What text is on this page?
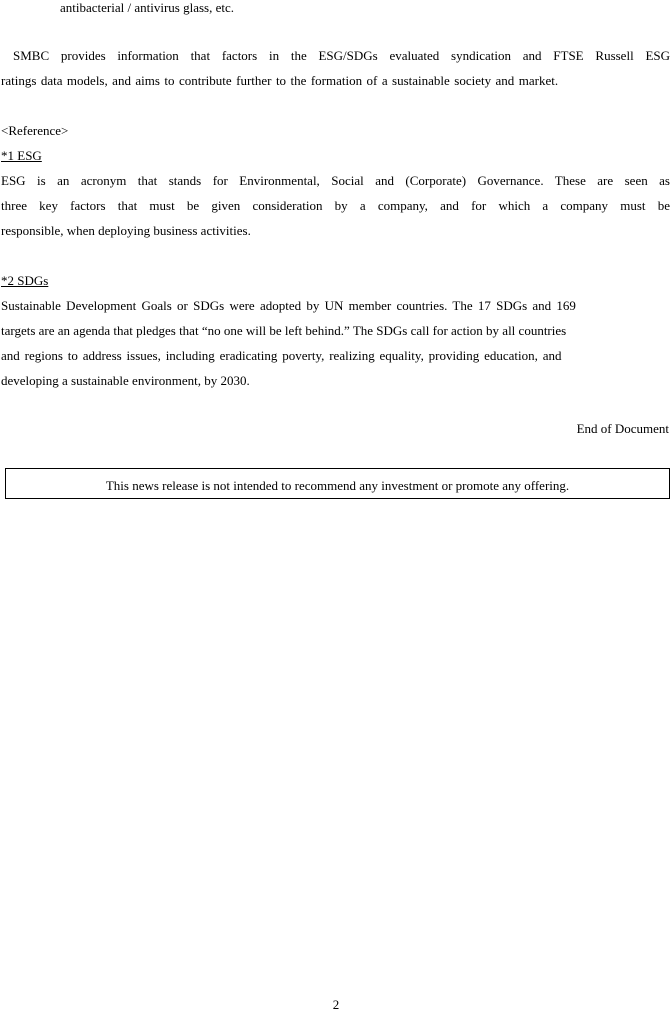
antibacterial / antivirus glass, etc.
SMBC provides information that factors in the ESG/SDGs evaluated syndication and FTSE Russell ESG
ratings data models, and aims to contribute further to the formation of a sustainable society and market.
<Reference>
*1 ESG
ESG is an acronym that stands for Environmental, Social and (Corporate) Governance. These are seen as
three key factors that must be given consideration by a company, and for which a company must be
responsible, when deploying business activities.
*2 SDGs
Sustainable Development Goals or SDGs were adopted by UN member countries. The 17 SDGs and 169
targets are an agenda that pledges that “no one will be left behind.” The SDGs call for action by all countries
and regions to address issues, including eradicating poverty, realizing equality, providing education, and
developing a sustainable environment, by 2030.
End of Document
This news release is not intended to recommend any investment or promote any offering.
2
